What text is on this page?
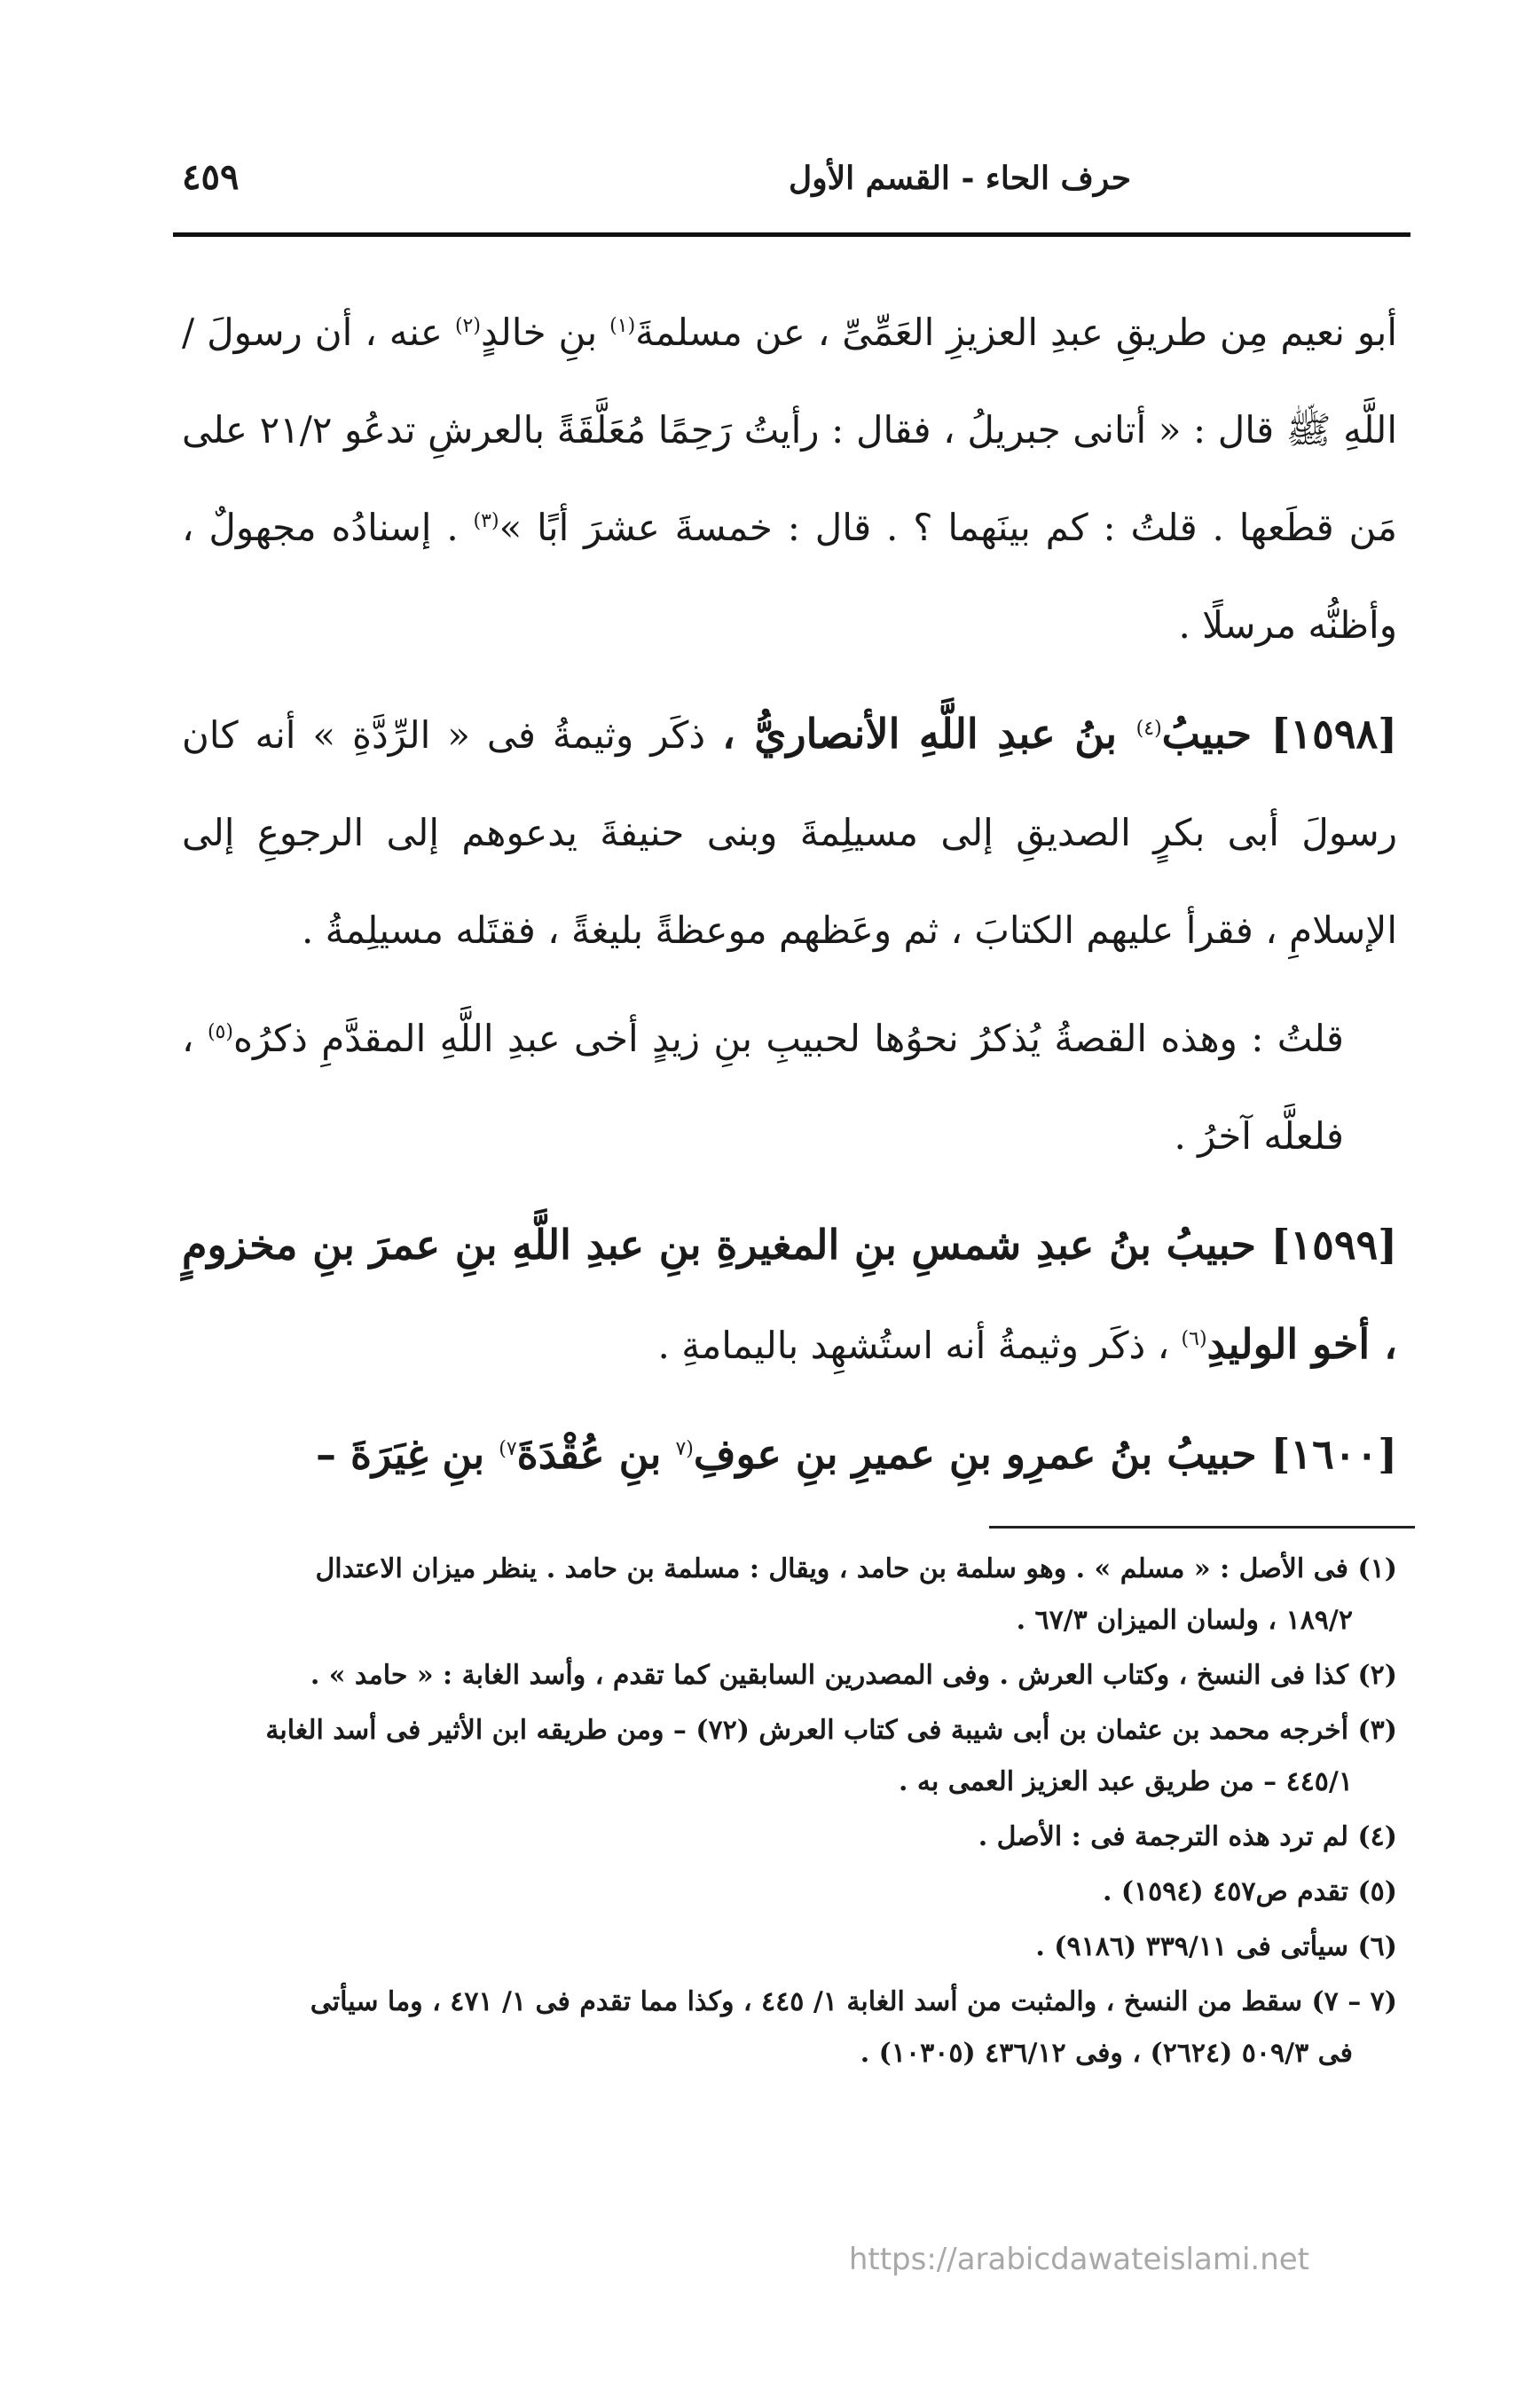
حرف الحاء - القسم الأول
٤٥٩

أبو نعيم مِن طريقِ عبدِ العزيزِ العَمِّىِّ ، عن مسلمةَ$^{(١)}$ بنِ خالدٍ$^{(٢)}$ عنه ، أن رسولَ / اللَّهِ ﷺ قال : « أتانى جبريلُ ، فقال : رأيتُ رَحِمًا مُعَلَّقَةً بالعرشِ تدعُو ٢١/٢ على مَن قطَعها . قلتُ : كم بينَهما ؟ . قال : خمسةَ عشرَ أبًا »$^{(٣)}$ . إسنادُه مجهولٌ ، وأظنُّه مرسلًا .

[١٥٩٨] حبيبُ$^{(٤)}$ بنُ عبدِ اللَّهِ الأنصاريُّ ، ذكَر وثيمةُ فى « الرِّدَّةِ » أنه كان رسولَ أبى بكرٍ الصديقِ إلى مسيلِمةَ وبنى حنيفةَ يدعوهم إلى الرجوعِ إلى الإسلامِ ، فقرأ عليهم الكتابَ ، ثم وعَظهم موعظةً بليغةً ، فقتَله مسيلِمةُ .

قلتُ : وهذه القصةُ يُذكرُ نحوُها لحبيبِ بنِ زيدٍ أخى عبدِ اللَّهِ المقدَّمِ ذكرُه$^{(٥)}$ ، فلعلَّه آخرُ .

[١٥٩٩] حبيبُ بنُ عبدِ شمسِ بنِ المغيرةِ بنِ عبدِ اللَّهِ بنِ عمرَ بنِ مخزومٍ ، أخو الوليدِ$^{(٦)}$ ، ذكَر وثيمةُ أنه استُشهِد باليمامةِ .

[١٦٠٠] حبيبُ بنُ عمرِو بنِ عميرِ بنِ عوفِ$^{(٧}$ بنِ عُقْدَةَ$^{٧)}$ بنِ غِيَرَةَ –

(١) فى الأصل : « مسلم » . وهو سلمة بن حامد ، ويقال : مسلمة بن حامد . ينظر ميزان الاعتدال
١٨٩/٢ ، ولسان الميزان ٦٧/٣ .

(٢) كذا فى النسخ ، وكتاب العرش . وفى المصدرين السابقين كما تقدم ، وأسد الغابة : « حامد » .

(٣) أخرجه محمد بن عثمان بن أبى شيبة فى كتاب العرش (٧٢) – ومن طريقه ابن الأثير فى أسد الغابة
٤٤٥/١ – من طريق عبد العزيز العمى به .

(٤) لم ترد هذه الترجمة فى : الأصل .

(٥) تقدم ص٤٥٧ (١٥٩٤) .

(٦) سيأتى فى ٣٣٩/١١ (٩١٨٦) .

(٧ – ٧) سقط من النسخ ، والمثبت من أسد الغابة ١/ ٤٤٥ ، وكذا مما تقدم فى ١/ ٤٧١ ، وما سيأتى
فى ٥٠٩/٣ (٢٦٢٤) ، وفى ٤٣٦/١٢ (١٠٣٠٥) .

https://arabicdawateislami.net
